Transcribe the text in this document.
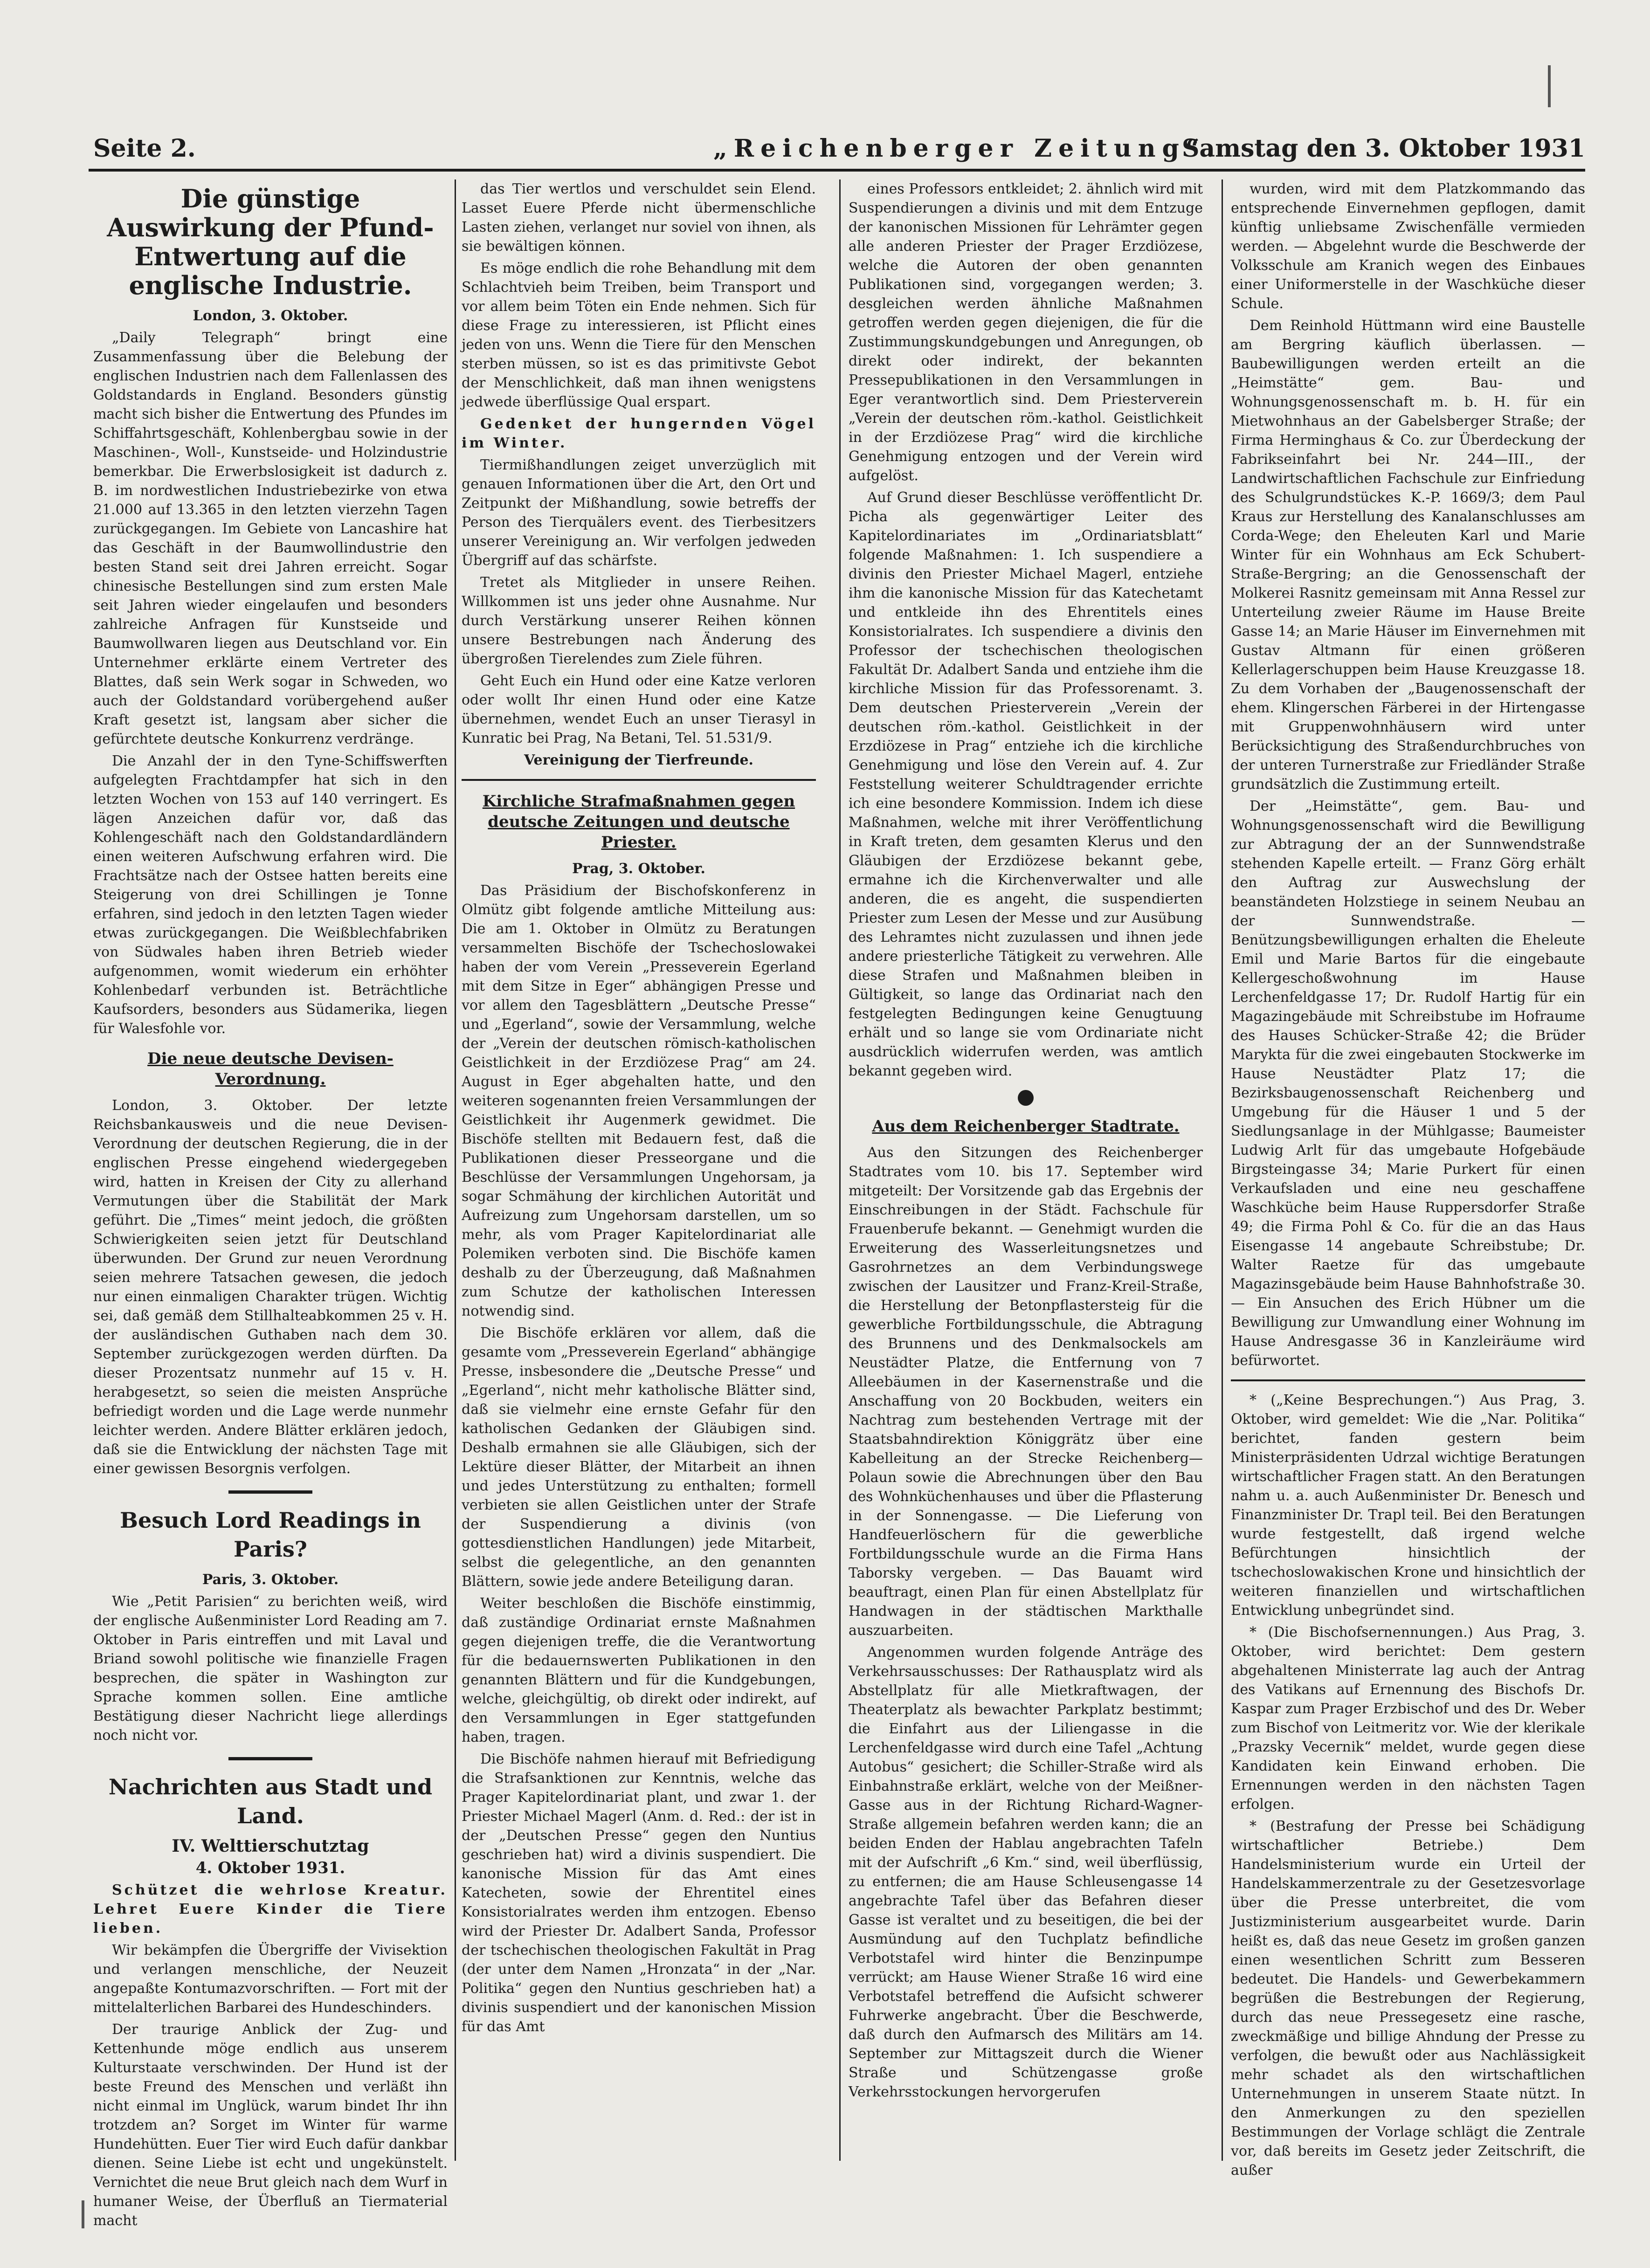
Seite 2.	„Reichenberger Zeitung“.
Samstag den 3. Oktober 1931
Die günstige Auswirkung der Pfund-Entwertung auf die englische Industrie.
London, 3. Oktober.

„Daily Telegraph“ bringt eine Zusammenfassung über die Belebung der englischen Industrien nach dem Fallenlassen des Goldstandards in England. Besonders günstig macht sich bisher die Entwertung des Pfundes im Schiffahrtsgeschäft, Kohlenbergbau sowie in der Maschinen-, Woll-, Kunstseide- und Holzindustrie bemerkbar. Die Erwerbslosigkeit ist dadurch z. B. im nordwestlichen Industriebezirke von etwa 21.000 auf 13.365 in den letzten vierzehn Tagen zurückgegangen. Im Gebiete von Lancashire hat das Geschäft in der Baumwollindustrie den besten Stand seit drei Jahren erreicht. Sogar chinesische Bestellungen sind zum ersten Male seit Jahren wieder eingelaufen und besonders zahlreiche Anfragen für Kunstseide und Baumwollwaren liegen aus Deutschland vor. Ein Unternehmer erklärte einem Vertreter des Blattes, daß sein Werk sogar in Schweden, wo auch der Goldstandard vorübergehend außer Kraft gesetzt ist, langsam aber sicher die gefürchtete deutsche Konkurrenz verdränge.

Die Anzahl der in den Tyne-Schiffswerften aufgelegten Frachtdampfer hat sich in den letzten Wochen von 153 auf 140 verringert. Es lägen Anzeichen dafür vor, daß das Kohlengeschäft nach den Goldstandardländern einen weiteren Aufschwung erfahren wird. Die Frachtsätze nach der Ostsee hatten bereits eine Steigerung von drei Schillingen je Tonne erfahren, sind jedoch in den letzten Tagen wieder etwas zurückgegangen. Die Weißblechfabriken von Südwales haben ihren Betrieb wieder aufgenommen, womit wiederum ein erhöhter Kohlenbedarf verbunden ist. Beträchtliche Kaufsorders, besonders aus Südamerika, liegen für Walesfohle vor.

Die neue deutsche Devisen-Verordnung.

London, 3. Oktober. Der letzte Reichsbankausweis und die neue Devisen-Verordnung der deutschen Regierung, die in der englischen Presse eingehend wiedergegeben wird, hatten in Kreisen der City zu allerhand Vermutungen über die Stabilität der Mark geführt. Die „Times“ meint jedoch, die größten Schwierigkeiten seien jetzt für Deutschland überwunden. Der Grund zur neuen Verordnung seien mehrere Tatsachen gewesen, die jedoch nur einen einmaligen Charakter trügen. Wichtig sei, daß gemäß dem Stillhalteabkommen 25 v. H. der ausländischen Guthaben nach dem 30. September zurückgezogen werden dürften. Da dieser Prozentsatz nunmehr auf 15 v. H. herabgesetzt, so seien die meisten Ansprüche befriedigt worden und die Lage werde nunmehr leichter werden. Andere Blätter erklären jedoch, daß sie die Entwicklung der nächsten Tage mit einer gewissen Besorgnis verfolgen.

Besuch Lord Readings in Paris?
Paris, 3. Oktober.

Wie „Petit Parisien“ zu berichten weiß, wird der englische Außenminister Lord Reading am 7. Oktober in Paris eintreffen und mit Laval und Briand sowohl politische wie finanzielle Fragen besprechen, die später in Washington zur Sprache kommen sollen. Eine amtliche Bestätigung dieser Nachricht liege allerdings noch nicht vor.

Nachrichten aus Stadt und Land.
IV. Welttierschutztag
4. Oktober 1931.

Schützet die wehrlose Kreatur. Lehret Euere Kinder die Tiere lieben.

Wir bekämpfen die Übergriffe der Vivisektion und verlangen menschliche, der Neuzeit angepaßte Kontumazvorschriften. — Fort mit der mittelalterlichen Barbarei des Hundeschinders.

Der traurige Anblick der Zug- und Kettenhunde möge endlich aus unserem Kulturstaate verschwinden. Der Hund ist der beste Freund des Menschen und verläßt ihn nicht einmal im Unglück, warum bindet Ihr ihn trotzdem an? Sorget im Winter für warme Hundehütten. Euer Tier wird Euch dafür dankbar dienen. Seine Liebe ist echt und ungekünstelt. Vernichtet die neue Brut gleich nach dem Wurf in humaner Weise, der Überfluß an Tiermaterial macht

das Tier wertlos und verschuldet sein Elend. Lasset Euere Pferde nicht übermenschliche Lasten ziehen, verlanget nur soviel von ihnen, als sie bewältigen können.

Es möge endlich die rohe Behandlung mit dem Schlachtvieh beim Treiben, beim Transport und vor allem beim Töten ein Ende nehmen. Sich für diese Frage zu interessieren, ist Pflicht eines jeden von uns. Wenn die Tiere für den Menschen sterben müssen, so ist es das primitivste Gebot der Menschlichkeit, daß man ihnen wenigstens jedwede überflüssige Qual erspart.

Gedenket der hungernden Vögel im Winter.

Tiermißhandlungen zeiget unverzüglich mit genauen Informationen über die Art, den Ort und Zeitpunkt der Mißhandlung, sowie betreffs der Person des Tierquälers event. des Tierbesitzers unserer Vereinigung an. Wir verfolgen jedweden Übergriff auf das schärfste.

Tretet als Mitglieder in unsere Reihen. Willkommen ist uns jeder ohne Ausnahme. Nur durch Verstärkung unserer Reihen können unsere Bestrebungen nach Änderung des übergroßen Tierelendes zum Ziele führen.

Geht Euch ein Hund oder eine Katze verloren oder wollt Ihr einen Hund oder eine Katze übernehmen, wendet Euch an unser Tierasyl in Kunratic bei Prag, Na Betani, Tel. 51.531/9.

Vereinigung der Tierfreunde.
Kirchliche Strafmaßnahmen gegen deutsche Zeitungen und deutsche Priester.
Prag, 3. Oktober.

Das Präsidium der Bischofskonferenz in Olmütz gibt folgende amtliche Mitteilung aus: Die am 1. Oktober in Olmütz zu Beratungen versammelten Bischöfe der Tschechoslowakei haben der vom Verein „Presseverein Egerland mit dem Sitze in Eger“ abhängigen Presse und vor allem den Tagesblättern „Deutsche Presse“ und „Egerland“, sowie der Versammlung, welche der „Verein der deutschen römisch-katholischen Geistlichkeit in der Erzdiözese Prag“ am 24. August in Eger abgehalten hatte, und den weiteren sogenannten freien Versammlungen der Geistlichkeit ihr Augenmerk gewidmet. Die Bischöfe stellten mit Bedauern fest, daß die Publikationen dieser Presseorgane und die Beschlüsse der Versammlungen Ungehorsam, ja sogar Schmähung der kirchlichen Autorität und Aufreizung zum Ungehorsam darstellen, um so mehr, als vom Prager Kapitelordinariat alle Polemiken verboten sind. Die Bischöfe kamen deshalb zu der Überzeugung, daß Maßnahmen zum Schutze der katholischen Interessen notwendig sind.

Die Bischöfe erklären vor allem, daß die gesamte vom „Presseverein Egerland“ abhängige Presse, insbesondere die „Deutsche Presse“ und „Egerland“, nicht mehr katholische Blätter sind, daß sie vielmehr eine ernste Gefahr für den katholischen Gedanken der Gläubigen sind. Deshalb ermahnen sie alle Gläubigen, sich der Lektüre dieser Blätter, der Mitarbeit an ihnen und jedes Unterstützung zu enthalten; formell verbieten sie allen Geistlichen unter der Strafe der Suspendierung a divinis (von gottesdienstlichen Handlungen) jede Mitarbeit, selbst die gelegentliche, an den genannten Blättern, sowie jede andere Beteiligung daran.

Weiter beschloßen die Bischöfe einstimmig, daß zuständige Ordinariat ernste Maßnahmen gegen diejenigen treffe, die die Verantwortung für die bedauernswerten Publikationen in den genannten Blättern und für die Kundgebungen, welche, gleichgültig, ob direkt oder indirekt, auf den Versammlungen in Eger stattgefunden haben, tragen.

Die Bischöfe nahmen hierauf mit Befriedigung die Strafsanktionen zur Kenntnis, welche das Prager Kapitelordinariat plant, und zwar 1. der Priester Michael Magerl (Anm. d. Red.: der ist in der „Deutschen Presse“ gegen den Nuntius geschrieben hat) wird a divinis suspendiert. Die kanonische Mission für das Amt eines Katecheten, sowie der Ehrentitel eines Konsistorialrates werden ihm entzogen. Ebenso wird der Priester Dr. Adalbert Sanda, Professor der tschechischen theologischen Fakultät in Prag (der unter dem Namen „Hronzata“ in der „Nar. Politika“ gegen den Nuntius geschrieben hat) a divinis suspendiert und der kanonischen Mission für das Amt

eines Professors entkleidet; 2. ähnlich wird mit Suspendierungen a divinis und mit dem Entzuge der kanonischen Missionen für Lehrämter gegen alle anderen Priester der Prager Erzdiözese, welche die Autoren der oben genannten Publikationen sind, vorgegangen werden; 3. desgleichen werden ähnliche Maßnahmen getroffen werden gegen diejenigen, die für die Zustimmungskundgebungen und Anregungen, ob direkt oder indirekt, der bekannten Pressepublikationen in den Versammlungen in Eger verantwortlich sind. Dem Priesterverein „Verein der deutschen röm.-kathol. Geistlichkeit in der Erzdiözese Prag“ wird die kirchliche Genehmigung entzogen und der Verein wird aufgelöst.

Auf Grund dieser Beschlüsse veröffentlicht Dr. Picha als gegenwärtiger Leiter des Kapitelordinariates im „Ordinariatsblatt“ folgende Maßnahmen: 1. Ich suspendiere a divinis den Priester Michael Magerl, entziehe ihm die kanonische Mission für das Katechetamt und entkleide ihn des Ehrentitels eines Konsistorialrates. Ich suspendiere a divinis den Professor der tschechischen theologischen Fakultät Dr. Adalbert Sanda und entziehe ihm die kirchliche Mission für das Professorenamt. 3. Dem deutschen Priesterverein „Verein der deutschen röm.-kathol. Geistlichkeit in der Erzdiözese in Prag“ entziehe ich die kirchliche Genehmigung und löse den Verein auf. 4. Zur Feststellung weiterer Schuldtragender errichte ich eine besondere Kommission. Indem ich diese Maßnahmen, welche mit ihrer Veröffentlichung in Kraft treten, dem gesamten Klerus und den Gläubigen der Erzdiözese bekannt gebe, ermahne ich die Kirchenverwalter und alle anderen, die es angeht, die suspendierten Priester zum Lesen der Messe und zur Ausübung des Lehramtes nicht zuzulassen und ihnen jede andere priesterliche Tätigkeit zu verwehren. Alle diese Strafen und Maßnahmen bleiben in Gültigkeit, so lange das Ordinariat nach den festgelegten Bedingungen keine Genugtuung erhält und so lange sie vom Ordinariate nicht ausdrücklich widerrufen werden, was amtlich bekannt gegeben wird.

Aus dem Reichenberger Stadtrate.

Aus den Sitzungen des Reichenberger Stadtrates vom 10. bis 17. September wird mitgeteilt: Der Vorsitzende gab das Ergebnis der Einschreibungen in der Städt. Fachschule für Frauenberufe bekannt. — Genehmigt wurden die Erweiterung des Wasserleitungsnetzes und Gasrohrnetzes an dem Verbindungswege zwischen der Lausitzer und Franz-Kreil-Straße, die Herstellung der Betonpflastersteig für die gewerbliche Fortbildungsschule, die Abtragung des Brunnens und des Denkmalsockels am Neustädter Platze, die Entfernung von 7 Alleebäumen in der Kasernenstraße und die Anschaffung von 20 Bockbuden, weiters ein Nachtrag zum bestehenden Vertrage mit der Staatsbahndirektion Königgrätz über eine Kabelleitung an der Strecke Reichenberg—Polaun sowie die Abrechnungen über den Bau des Wohnküchenhauses und über die Pflasterung in der Sonnengasse. — Die Lieferung von Handfeuerlöschern für die gewerbliche Fortbildungsschule wurde an die Firma Hans Taborsky vergeben. — Das Bauamt wird beauftragt, einen Plan für einen Abstellplatz für Handwagen in der städtischen Markthalle auszuarbeiten.

Angenommen wurden folgende Anträge des Verkehrsausschusses: Der Rathausplatz wird als Abstellplatz für alle Mietkraftwagen, der Theaterplatz als bewachter Parkplatz bestimmt; die Einfahrt aus der Liliengasse in die Lerchenfeldgasse wird durch eine Tafel „Achtung Autobus“ gesichert; die Schiller-Straße wird als Einbahnstraße erklärt, welche von der Meißner-Gasse aus in der Richtung Richard-Wagner-Straße allgemein befahren werden kann; die an beiden Enden der Hablau angebrachten Tafeln mit der Aufschrift „6 Km.“ sind, weil überflüssig, zu entfernen; die am Hause Schleusengasse 14 angebrachte Tafel über das Befahren dieser Gasse ist veraltet und zu beseitigen, die bei der Ausmündung auf den Tuchplatz befindliche Verbotstafel wird hinter die Benzinpumpe verrückt; am Hause Wiener Straße 16 wird eine Verbotstafel betreffend die Aufsicht schwerer Fuhrwerke angebracht. Über die Beschwerde, daß durch den Aufmarsch des Militärs am 14. September zur Mittagszeit durch die Wiener Straße und Schützengasse große Verkehrsstockungen hervorgerufen

wurden, wird mit dem Platzkommando das entsprechende Einvernehmen gepflogen, damit künftig unliebsame Zwischenfälle vermieden werden. — Abgelehnt wurde die Beschwerde der Volksschule am Kranich wegen des Einbaues einer Uniformerstelle in der Waschküche dieser Schule.

Dem Reinhold Hüttmann wird eine Baustelle am Bergring käuflich überlassen. — Baubewilligungen werden erteilt an die „Heimstätte“ gem. Bau- und Wohnungsgenossenschaft m. b. H. für ein Mietwohnhaus an der Gabelsberger Straße; der Firma Herminghaus & Co. zur Überdeckung der Fabrikseinfahrt bei Nr. 244—III., der Landwirtschaftlichen Fachschule zur Einfriedung des Schulgrundstückes K.-P. 1669/3; dem Paul Kraus zur Herstellung des Kanalanschlusses am Corda-Wege; den Eheleuten Karl und Marie Winter für ein Wohnhaus am Eck Schubert-Straße-Bergring; an die Genossenschaft der Molkerei Rasnitz gemeinsam mit Anna Ressel zur Unterteilung zweier Räume im Hause Breite Gasse 14; an Marie Häuser im Einvernehmen mit Gustav Altmann für einen größeren Kellerlagerschuppen beim Hause Kreuzgasse 18. Zu dem Vorhaben der „Baugenossenschaft der ehem. Klingerschen Färberei in der Hirtengasse mit Gruppenwohnhäusern wird unter Berücksichtigung des Straßendurchbruches von der unteren Turnerstraße zur Friedländer Straße grundsätzlich die Zustimmung erteilt.

Der „Heimstätte“, gem. Bau- und Wohnungsgenossenschaft wird die Bewilligung zur Abtragung der an der Sunnwendstraße stehenden Kapelle erteilt. — Franz Görg erhält den Auftrag zur Auswechslung der beanständeten Holzstiege in seinem Neubau an der Sunnwendstraße. — Benützungsbewilligungen erhalten die Eheleute Emil und Marie Bartos für die eingebaute Kellergeschoßwohnung im Hause Lerchenfeldgasse 17; Dr. Rudolf Hartig für ein Magazingebäude mit Schreibstube im Hofraume des Hauses Schücker-Straße 42; die Brüder Marykta für die zwei eingebauten Stockwerke im Hause Neustädter Platz 17; die Bezirksbaugenossenschaft Reichenberg und Umgebung für die Häuser 1 und 5 der Siedlungsanlage in der Mühlgasse; Baumeister Ludwig Arlt für das umgebaute Hofgebäude Birgsteingasse 34; Marie Purkert für einen Verkaufsladen und eine neu geschaffene Waschküche beim Hause Ruppersdorfer Straße 49; die Firma Pohl & Co. für die an das Haus Eisengasse 14 angebaute Schreibstube; Dr. Walter Raetze für das umgebaute Magazinsgebäude beim Hause Bahnhofstraße 30. — Ein Ansuchen des Erich Hübner um die Bewilligung zur Umwandlung einer Wohnung im Hause Andresgasse 36 in Kanzleiräume wird befürwortet.

* („Keine Besprechungen.“) Aus Prag, 3. Oktober, wird gemeldet: Wie die „Nar. Politika“ berichtet, fanden gestern beim Ministerpräsidenten Udrzal wichtige Beratungen wirtschaftlicher Fragen statt. An den Beratungen nahm u. a. auch Außenminister Dr. Benesch und Finanzminister Dr. Trapl teil. Bei den Beratungen wurde festgestellt, daß irgend welche Befürchtungen hinsichtlich der tschechoslowakischen Krone und hinsichtlich der weiteren finanziellen und wirtschaftlichen Entwicklung unbegründet sind.

* (Die Bischofsernennungen.) Aus Prag, 3. Oktober, wird berichtet: Dem gestern abgehaltenen Ministerrate lag auch der Antrag des Vatikans auf Ernennung des Bischofs Dr. Kaspar zum Prager Erzbischof und des Dr. Weber zum Bischof von Leitmeritz vor. Wie der klerikale „Prazsky Vecernik“ meldet, wurde gegen diese Kandidaten kein Einwand erhoben. Die Ernennungen werden in den nächsten Tagen erfolgen.

* (Bestrafung der Presse bei Schädigung wirtschaftlicher Betriebe.) Dem Handelsministerium wurde ein Urteil der Handelskammerzentrale zu der Gesetzesvorlage über die Presse unterbreitet, die vom Justizministerium ausgearbeitet wurde. Darin heißt es, daß das neue Gesetz im großen ganzen einen wesentlichen Schritt zum Besseren bedeutet. Die Handels- und Gewerbekammern begrüßen die Bestrebungen der Regierung, durch das neue Pressegesetz eine rasche, zweckmäßige und billige Ahndung der Presse zu verfolgen, die bewußt oder aus Nachlässigkeit mehr schadet als den wirtschaftlichen Unternehmungen in unserem Staate nützt. In den Anmerkungen zu den speziellen Bestimmungen der Vorlage schlägt die Zentrale vor, daß bereits im Gesetz jeder Zeitschrift, die außer
